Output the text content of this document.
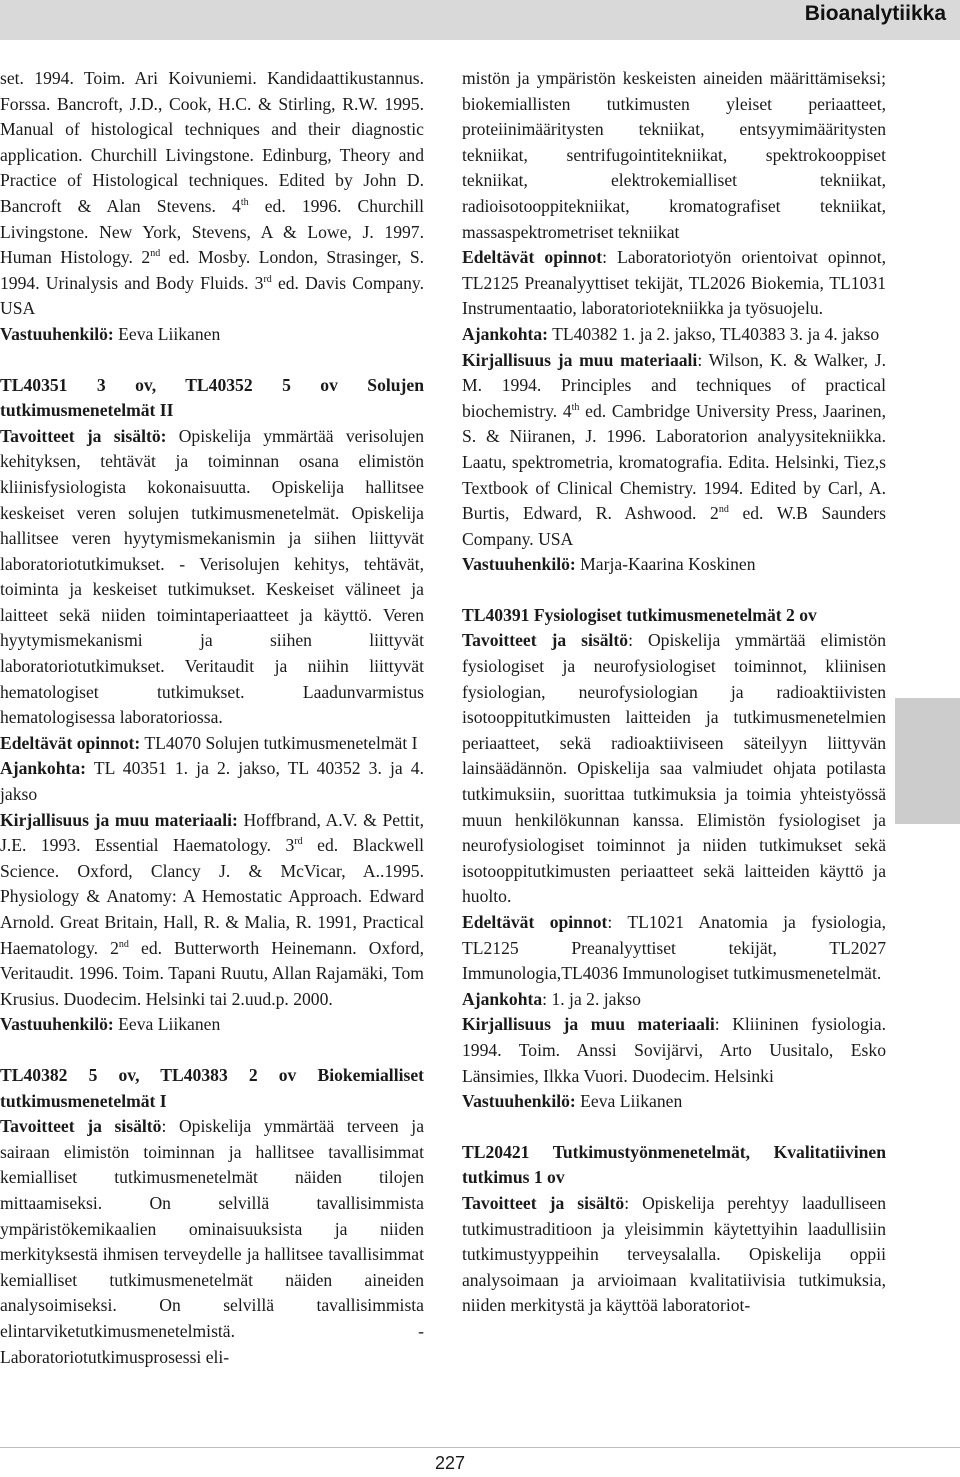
Bioanalytiikka

set. 1994. Toim. Ari Koivuniemi. Kandidaattikustannus. Forssa. Bancroft, J.D., Cook, H.C. & Stirling, R.W. 1995. Manual of histological techniques and their diagnostic application. Churchill Livingstone. Edinburg, Theory and Practice of Histological techniques. Edited by John D. Bancroft & Alan Stevens. 4th ed. 1996. Churchill Livingstone. New York, Stevens, A & Lowe, J. 1997. Human Histology. 2nd ed. Mosby. London, Strasinger, S. 1994. Urinalysis and Body Fluids. 3rd ed. Davis Company. USA

Vastuuhenkilö: Eeva Liikanen

TL40351 3 ov, TL40352 5 ov Solujen tutkimusmenetelmät II

Tavoitteet ja sisältö: Opiskelija ymmärtää verisolujen kehityksen, tehtävät ja toiminnan osana elimistön kliinisfysiologista kokonaisuutta. Opiskelija hallitsee keskeiset veren solujen tutkimusmenetelmät. Opiskelija hallitsee veren hyytymismekanismin ja siihen liittyvät laboratoriotutkimukset. - Verisolujen kehitys, tehtävät, toiminta ja keskeiset tutkimukset. Keskeiset välineet ja laitteet sekä niiden toimintaperiaatteet ja käyttö. Veren hyytymismekanismi ja siihen liittyvät laboratoriotutkimukset. Veritaudit ja niihin liittyvät hematologiset tutkimukset. Laadunvarmistus hematologisessa laboratoriossa.

Edeltävät opinnot: TL4070 Solujen tutkimusmenetelmät I

Ajankohta: TL 40351 1. ja 2. jakso, TL 40352 3. ja 4. jakso

Kirjallisuus ja muu materiaali: Hoffbrand, A.V. & Pettit, J.E. 1993. Essential Haematology. 3rd ed. Blackwell Science. Oxford, Clancy J. & McVicar, A..1995. Physiology & Anatomy: A Hemostatic Approach. Edward Arnold. Great Britain, Hall, R. & Malia, R. 1991, Practical Haematology. 2nd ed. Butterworth Heinemann. Oxford, Veritaudit. 1996. Toim. Tapani Ruutu, Allan Rajamäki, Tom Krusius. Duodecim. Helsinki tai 2.uud.p. 2000.

Vastuuhenkilö: Eeva Liikanen

TL40382 5 ov, TL40383 2 ov Biokemialliset tutkimusmenetelmät I

Tavoitteet ja sisältö: Opiskelija ymmärtää terveen ja sairaan elimistön toiminnan ja hallitsee tavallisimmat kemialliset tutkimusmenetelmät näiden tilojen mittaamiseksi. On selvillä tavallisimmista ympäristökemikaalien ominaisuuksista ja niiden merkityksestä ihmisen terveydelle ja hallitsee tavallisimmat kemialliset tutkimusmenetelmät näiden aineiden analysoimiseksi. On selvillä tavallisimmista elintarviketutkimusmenetelmistä. - Laboratoriotutkimusprosessi eli-

mistön ja ympäristön keskeisten aineiden määrittämiseksi; biokemiallisten tutkimusten yleiset periaatteet, proteiinimääritysten tekniikat, entsyymimääritysten tekniikat, sentrifugointitekniikat, spektrokooppiset tekniikat, elektrokemialliset tekniikat, radioisotooppitekniikat, kromatografiset tekniikat, massaspektrometriset tekniikat

Edeltävät opinnot: Laboratoriotyön orientoivat opinnot, TL2125 Preanalyyttiset tekijät, TL2026 Biokemia, TL1031 Instrumentaatio, laboratoriotekniikka ja työsuojelu.

Ajankohta: TL40382 1. ja 2. jakso, TL40383 3. ja 4. jakso

Kirjallisuus ja muu materiaali: Wilson, K. & Walker, J. M. 1994. Principles and techniques of practical biochemistry. 4th ed. Cambridge University Press, Jaarinen, S. & Niiranen, J. 1996. Laboratorion analyysitekniikka. Laatu, spektrometria, kromatografia. Edita. Helsinki, Tiez,s Textbook of Clinical Chemistry. 1994. Edited by Carl, A. Burtis, Edward, R. Ashwood. 2nd ed. W.B Saunders Company. USA

Vastuuhenkilö: Marja-Kaarina Koskinen

TL40391 Fysiologiset tutkimusmenetelmät 2 ov

Tavoitteet ja sisältö: Opiskelija ymmärtää elimistön fysiologiset ja neurofysiologiset toiminnot, kliinisen fysiologian, neurofysiologian ja radioaktiivisten isotooppitutkimusten laitteiden ja tutkimusmenetelmien periaatteet, sekä radioaktiiviseen säteilyyn liittyvän lainsäädännön. Opiskelija saa valmiudet ohjata potilasta tutkimuksiin, suorittaa tutkimuksia ja toimia yhteistyössä muun henkilökunnan kanssa. Elimistön fysiologiset ja neurofysiologiset toiminnot ja niiden tutkimukset sekä isotooppitutkimusten periaatteet sekä laitteiden käyttö ja huolto.

Edeltävät opinnot: TL1021 Anatomia ja fysiologia, TL2125 Preanalyyttiset tekijät, TL2027 Immunologia,TL4036 Immunologiset tutkimusmenetelmät.

Ajankohta: 1. ja 2. jakso

Kirjallisuus ja muu materiaali: Kliininen fysiologia. 1994. Toim. Anssi Sovijärvi, Arto Uusitalo, Esko Länsimies, Ilkka Vuori. Duodecim. Helsinki

Vastuuhenkilö: Eeva Liikanen

TL20421 Tutkimustyönmenetelmät, Kvalitatiivinen tutkimus 1 ov

Tavoitteet ja sisältö: Opiskelija perehtyy laadulliseen tutkimustraditioon ja yleisimmin käytettyihin laadullisiin tutkimustyyppeihin terveysalalla. Opiskelija oppii analysoimaan ja arvioimaan kvalitatiivisia tutkimuksia, niiden merkitystä ja käyttöä laboratoriot-

227
